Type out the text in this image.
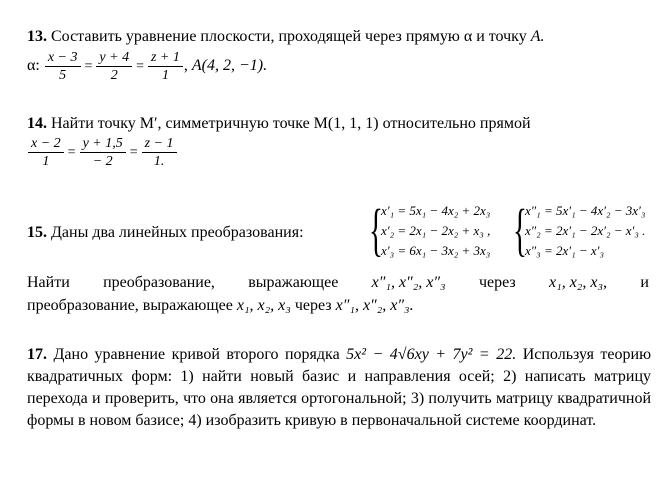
13. Составить уравнение плоскости, проходящей через прямую α и точку A.
α: $\frac{x - 3}{5} = \frac{y + 4}{2} = \frac{z + 1}{1}$ , A(4, 2, −1).
14. Найти точку M′, симметричную точке M(1, 1, 1) относительно прямой
$\frac{x - 2}{1} = \frac{y + 1,5}{- 2} = \frac{z - 1}{1.}$
15. Даны два линейных преобразования:	{
x′₁ = 5x₁ − 4x₂ + 2x₃
x′₂ = 2x₁ − 2x₂ + x₃ ,
x′₃ = 6x₁ − 3x₂ + 3x₃ {
x″₁ = 5x′₁ − 4x′₂ − 3x′₃
x″₂ = 2x′₁ − 2x′₂ − x′₃ .
x″₃ = 2x′₁ − x′₃
Найти преобразование, выражающее x″₁, x″₂, x″₃ через x₁, x₂, x₃, и
преобразование, выражающее x₁, x₂, x₃ через x″₁, x″₂, x″₃.
17. Дано уравнение кривой второго порядка 5x² − 4√6xy + 7y² = 22. Используя теорию квадратичных форм: 1) найти новый базис и направления осей; 2) написать матрицу перехода и проверить, что она является ортогональной; 3) получить матрицу квадратичной формы в новом базисе; 4) изобразить кривую в первоначальной системе координат.
